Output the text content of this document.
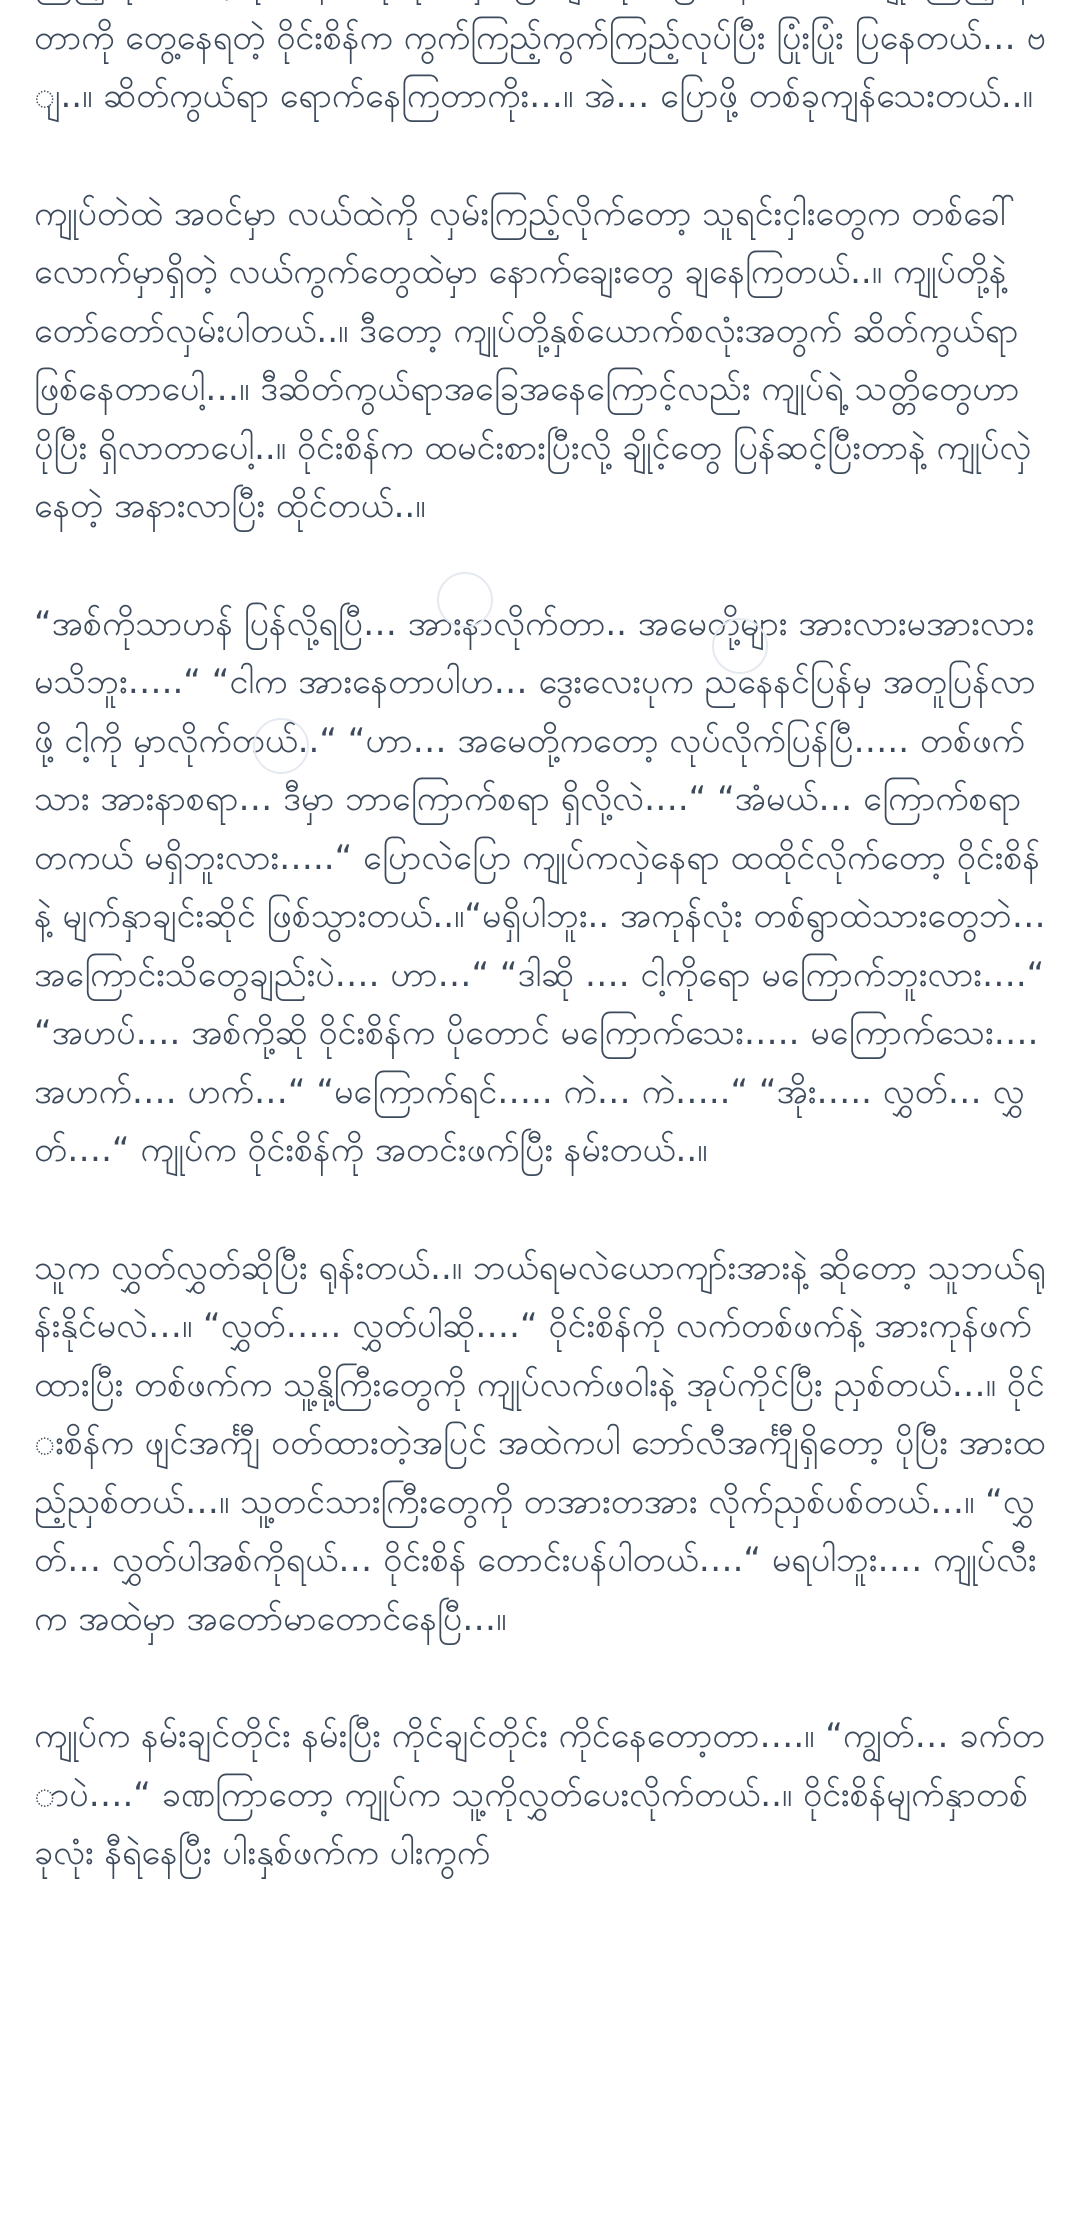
တာကို တွေ့နေရတဲ့ ဝိုင်းစိန်က ကွက်ကြည့်ကွက်ကြည့်လုပ်ပြီး ပြုံးပြုံး ပြနေတယ်… ဗျ..။ ဆိတ်ကွယ်ရာ ရောက်နေကြတာကိုး…။ အဲ… ပြောဖို့ တစ်ခုကျန်သေးတယ်..။

ကျုပ်တဲထဲ အဝင်မှာ လယ်ထဲကို လှမ်းကြည့်လိုက်တော့ သူရင်းငှါးတွေက တစ်ခေါ်လောက်မှာရှိတဲ့ လယ်ကွက်တွေထဲမှာ နောက်ချေးတွေ ချနေကြတယ်..။ ကျုပ်တို့နဲ့ တော်တော်လှမ်းပါတယ်..။ ဒီတော့ ကျုပ်တို့နှစ်ယောက်စလုံးအတွက် ဆိတ်ကွယ်ရာ ဖြစ်နေတာပေါ့…။ ဒီဆိတ်ကွယ်ရာအခြေအနေကြောင့်လည်း ကျုပ်ရဲ့ သတ္တိတွေဟာ ပိုပြီး ရှိလာတာပေါ့..။ ဝိုင်းစိန်က ထမင်းစားပြီးလို့ ချိုင့်တွေ ပြန်ဆင့်ပြီးတာနဲ့ ကျုပ်လှဲနေတဲ့ အနားလာပြီး ထိုင်တယ်..။

“အစ်ကိုသာဟန် ပြန်လို့ရပြီ… အားနာလိုက်တာ.. အမေတို့များ အားလားမအားလား မသိဘူး…..“ “ငါက အားနေတာပါဟ… ဒွေးလေးပုက ညနေနင်ပြန်မှ အတူပြန်လာဖို့ ငါ့ကို မှာလိုက်တယ်..“ “ဟာ… အမေတို့ကတော့ လုပ်လိုက်ပြန်ပြီ….. တစ်ဖက်သား အားနာစရာ… ဒီမှာ ဘာကြောက်စရာ ရှိလို့လဲ….“ “အံမယ်… ကြောက်စရာ တကယ် မရှိဘူးလား…..“ ပြောလဲပြော ကျုပ်ကလှဲနေရာ ထထိုင်လိုက်တော့ ဝိုင်းစိန်နဲ့ မျက်နှာချင်းဆိုင် ဖြစ်သွားတယ်..။“မရှိပါဘူး.. အကုန်လုံး တစ်ရွာထဲသားတွေဘဲ… အကြောင်းသိတွေချည်းပဲ…. ဟာ…“ “ဒါဆို …. ငါ့ကိုရော မကြောက်ဘူးလား….“ “အဟပ်…. အစ်ကို့ဆို ဝိုင်းစိန်က ပိုတောင် မကြောက်သေး….. မကြောက်သေး…. အဟက်…. ဟက်…“ “မကြောက်ရင်….. ကဲ… ကဲ…..“ “အိုး….. လွှတ်… လွှတ်….“ ကျုပ်က ဝိုင်းစိန်ကို အတင်းဖက်ပြီး နမ်းတယ်..။

သူက လွှတ်လွှတ်ဆိုပြီး ရုန်းတယ်..။ ဘယ်ရမလဲယောကျာ်းအားနဲ့ ဆိုတော့ သူဘယ်ရုန်းနိုင်မလဲ…။ “လွှတ်….. လွှတ်ပါဆို….“ ဝိုင်းစိန်ကို လက်တစ်ဖက်နဲ့ အားကုန်ဖက်ထားပြီး တစ်ဖက်က သူ့နို့ကြီးတွေကို ကျုပ်လက်ဖဝါးနဲ့ အုပ်ကိုင်ပြီး ညှစ်တယ်…။ ဝိုင်းစိန်က ဖျင်အင်္ကျီ ဝတ်ထားတဲ့အပြင် အထဲကပါ ဘော်လီအင်္ကျီရှိတော့ ပိုပြီး အားထည့်ညှစ်တယ်…။ သူ့တင်သားကြီးတွေကို တအားတအား လိုက်ညှစ်ပစ်တယ်…။ “လွှတ်… လွှတ်ပါအစ်ကိုရယ်… ဝိုင်းစိန် တောင်းပန်ပါတယ်….“ မရပါဘူး…. ကျုပ်လီးက အထဲမှာ အတော်မာတောင်နေပြီ…။

ကျုပ်က နမ်းချင်တိုင်း နမ်းပြီး ကိုင်ချင်တိုင်း ကိုင်နေတော့တာ….။ “ကျွတ်… ခက်တာပဲ….“ ခဏကြာတော့ ကျုပ်က သူ့ကိုလွှတ်ပေးလိုက်တယ်..။ ဝိုင်းစိန်မျက်နှာတစ်ခုလုံး နီရဲနေပြီး ပါးနှစ်ဖက်က ပါးကွက်
